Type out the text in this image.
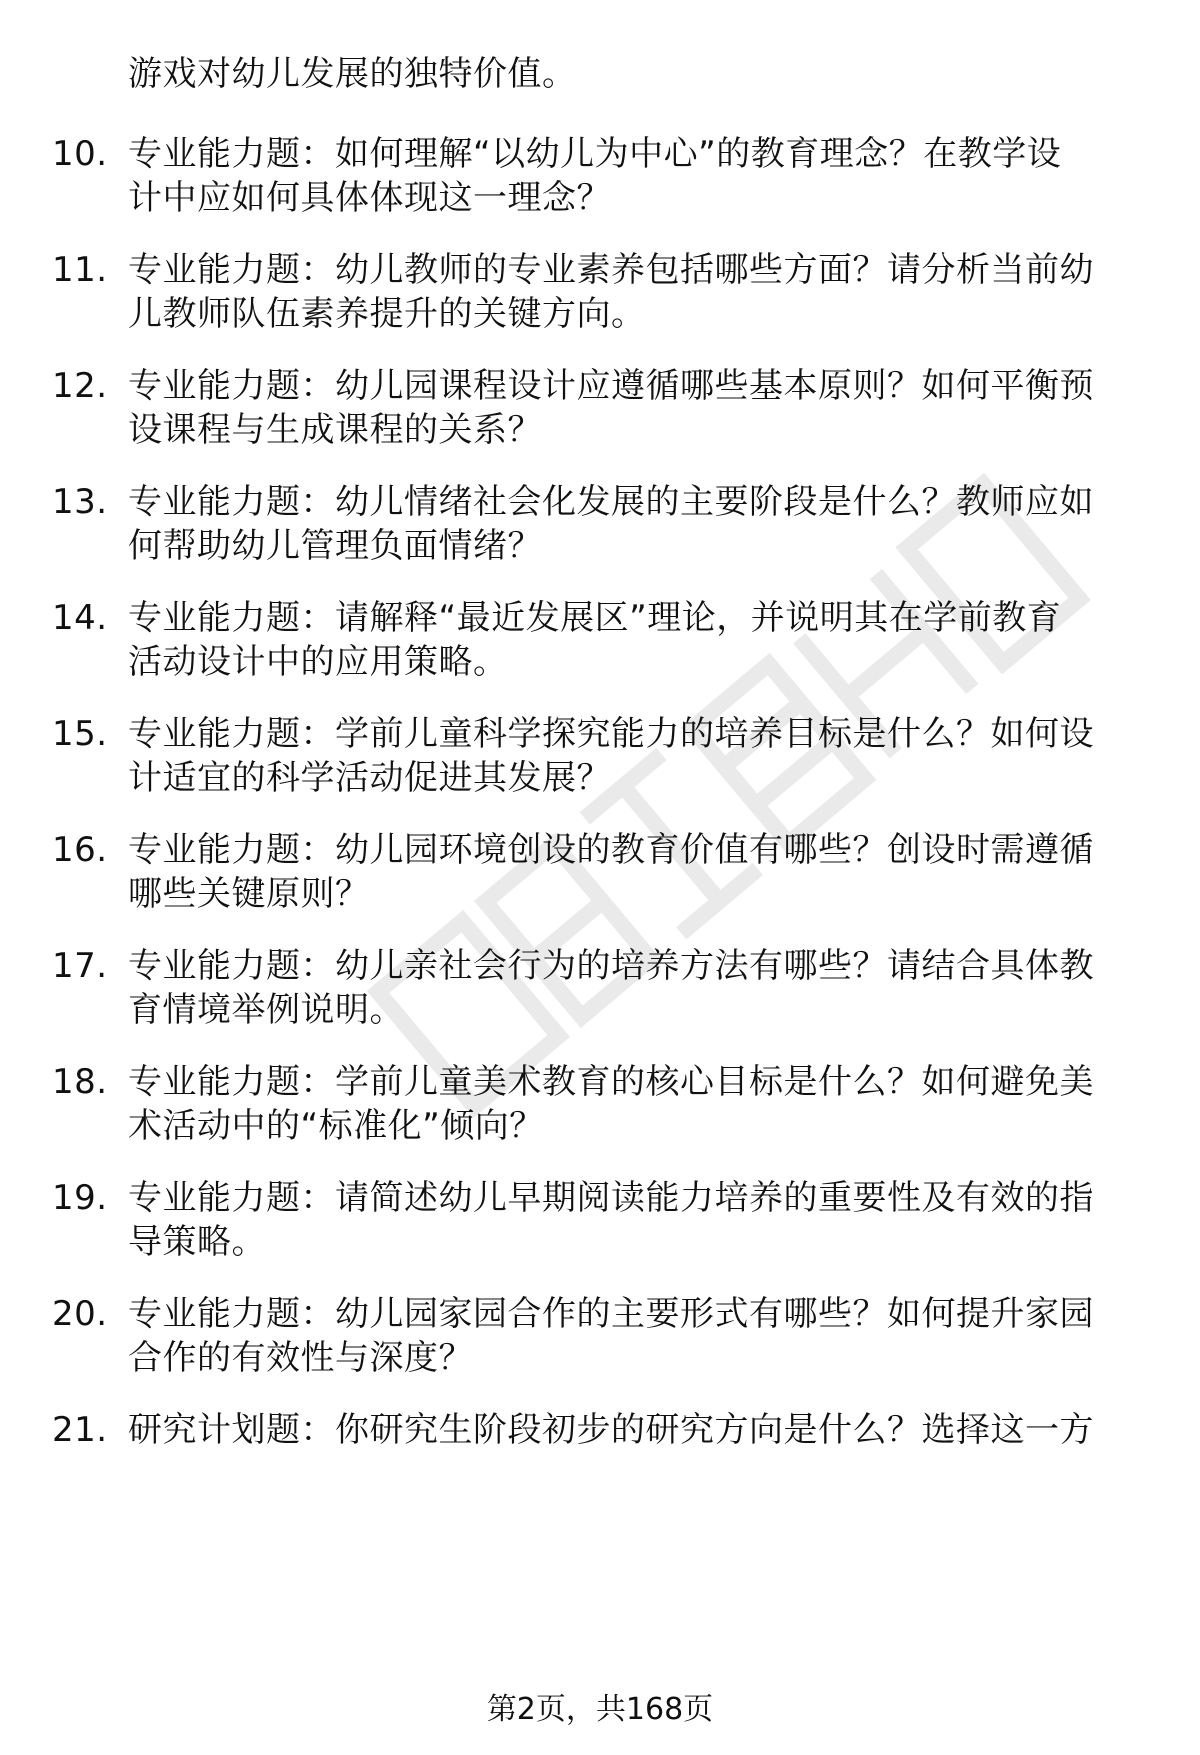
游戏对幼儿发展的独特价值。
10. 专业能力题：如何理解“以幼儿为中心”的教育理念？在教学设
计中应如何具体体现这一理念？
11. 专业能力题：幼儿教师的专业素养包括哪些方面？请分析当前幼
儿教师队伍素养提升的关键方向。
12. 专业能力题：幼儿园课程设计应遵循哪些基本原则？如何平衡预
设课程与生成课程的关系？
13. 专业能力题：幼儿情绪社会化发展的主要阶段是什么？教师应如
何帮助幼儿管理负面情绪？
14. 专业能力题：请解释“最近发展区”理论，并说明其在学前教育
活动设计中的应用策略。
15. 专业能力题：学前儿童科学探究能力的培养目标是什么？如何设
计适宜的科学活动促进其发展？
16. 专业能力题：幼儿园环境创设的教育价值有哪些？创设时需遵循
哪些关键原则？
17. 专业能力题：幼儿亲社会行为的培养方法有哪些？请结合具体教
育情境举例说明。
18. 专业能力题：学前儿童美术教育的核心目标是什么？如何避免美
术活动中的“标准化”倾向？
19. 专业能力题：请简述幼儿早期阅读能力培养的重要性及有效的指
导策略。
20. 专业能力题：幼儿园家园合作的主要形式有哪些？如何提升家园
合作的有效性与深度？
21. 研究计划题：你研究生阶段初步的研究方向是什么？选择这一方
第2页，共168页
